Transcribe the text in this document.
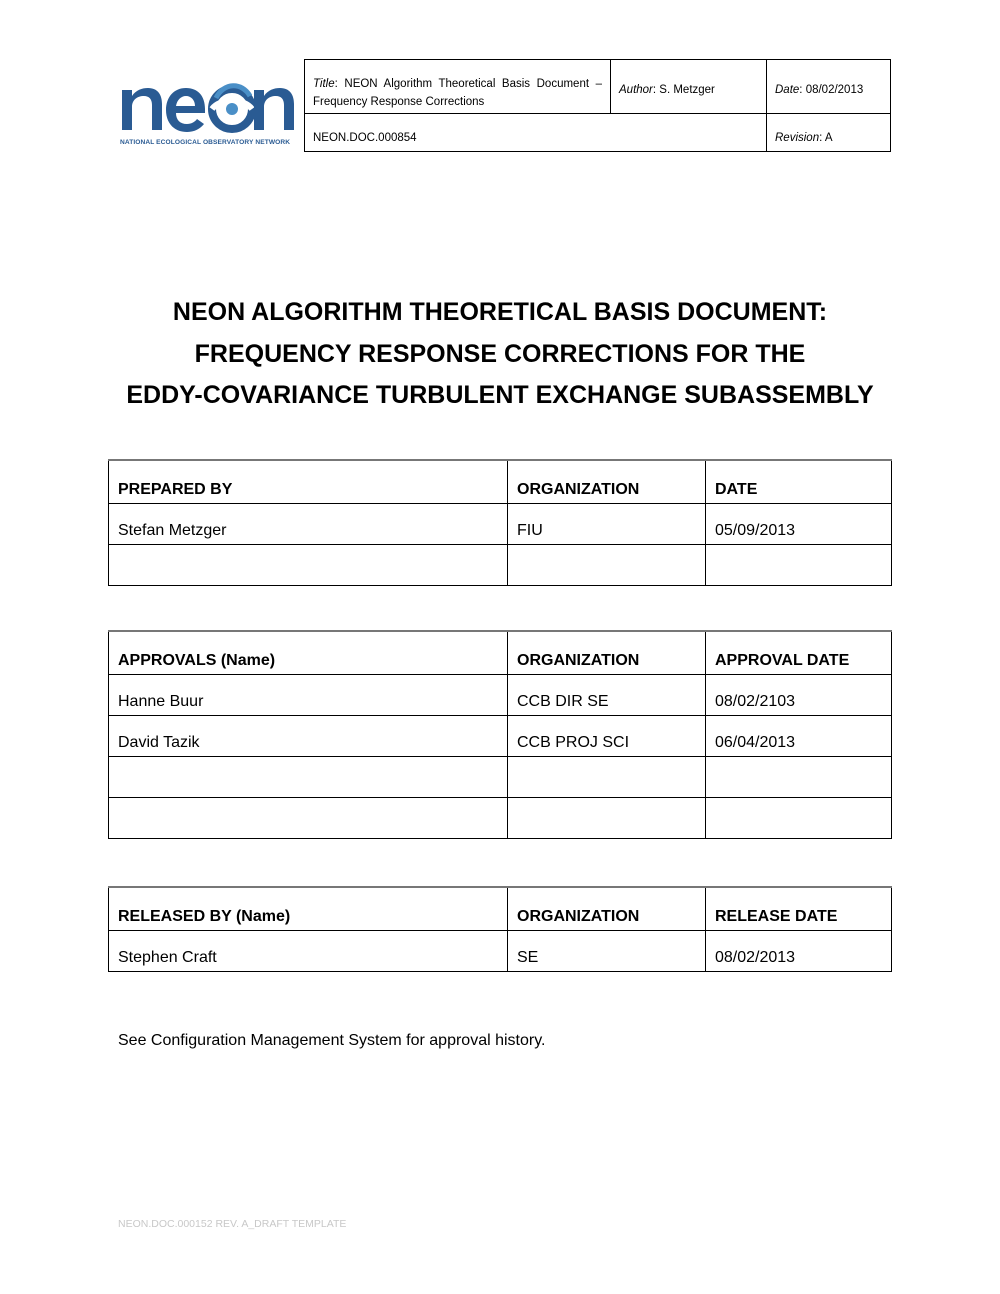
NATIONAL ECOLOGICAL OBSERVATORY NETWORK
Title: NEON Algorithm Theoretical Basis Document – Frequency Response Corrections
Author: S. Metzger	Date: 08/02/2013
NEON.DOC.000854	Revision: A
NEON ALGORITHM THEORETICAL BASIS DOCUMENT:
FREQUENCY RESPONSE CORRECTIONS FOR THE
EDDY-COVARIANCE TURBULENT EXCHANGE SUBASSEMBLY
PREPARED BY	ORGANIZATION	DATE
Stefan Metzger	FIU	05/09/2013

APPROVALS (Name)	ORGANIZATION	APPROVAL DATE
Hanne Buur	CCB DIR SE	08/02/2103
David Tazik	CCB PROJ SCI	06/04/2013

RELEASED BY (Name)	ORGANIZATION	RELEASE DATE
Stephen Craft	SE	08/02/2013
See Configuration Management System for approval history.
NEON.DOC.000152 REV. A_DRAFT TEMPLATE
